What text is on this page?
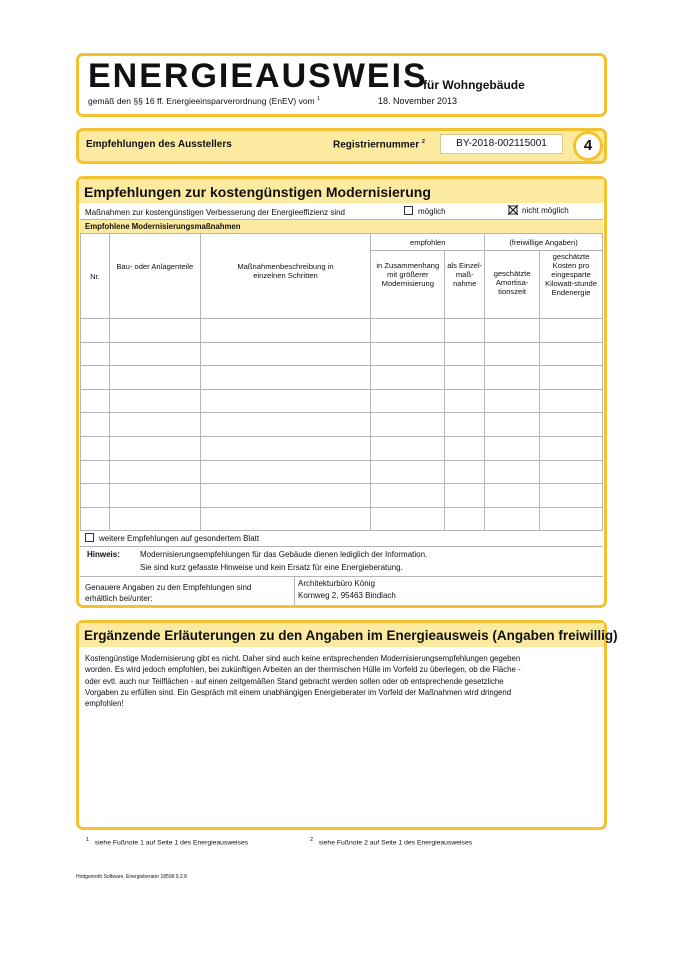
ENERGIEAUSWEIS
für Wohngebäude
gemäß den §§ 16 ff. Energieeinsparverordnung (EnEV) vom $^1$	18. November 2013
Empfehlungen des Ausstellers	Registriernummer $^2$	BY-2018-002115001	4
Empfehlungen zur kostengünstigen Modernisierung
Maßnahmen zur kostengünstigen Verbesserung der Energieeffizienz sind	möglich	nicht möglich
Empfohlene Modernisierungsmaßnahmen
Nr.	Bau- oder Anlagenteile	Maßnahmenbeschreibung in einzelnen Schritten	empfohlen		(freiwillige Angaben)	
			in Zusammenhang mit größerer Modernisierung	als Einzel-maß-nahme	geschätzte Amortisa-tionszeit	geschätzte Kosten pro eingesparte Kilowatt-stunde Endenergie

weitere Empfehlungen auf gesondertem Blatt
Hinweis:	Modernisierungsempfehlungen für das Gebäude dienen lediglich der Information.
Sie sind kurz gefasste Hinweise und kein Ersatz für eine Energieberatung.
Genauere Angaben zu den Empfehlungen sind erhältlich bei/unter:
Architekturbüro König
Kornweg 2, 95463 Bindlach
Ergänzende Erläuterungen zu den Angaben im Energieausweis (Angaben freiwillig)
Kostengünstige Modernisierung gibt es nicht. Daher sind auch keine entsprechenden Modernisierungsempfehlungen gegeben
worden. Es wird jedoch empfohlen, bei zukünftigen Arbeiten an der thermischen Hülle im Vorfeld zu überlegen, ob die Fläche -
oder evtl. auch nur Teilflächen - auf einen zeitgemäßen Stand gebracht werden sollen oder ob entsprechende gesetzliche
Vorgaben zu erfüllen sind. Ein Gespräch mit einem unabhängigen Energieberater im Vorfeld der Maßnahmen wird dringend
empfohlen!
$^1$ siehe Fußnote 1 auf Seite 1 des Energieausweises	$^2$ siehe Fußnote 2 auf Seite 1 des Energieausweises
Hottgenroth Software, Energieberater 18599 9.2.8
